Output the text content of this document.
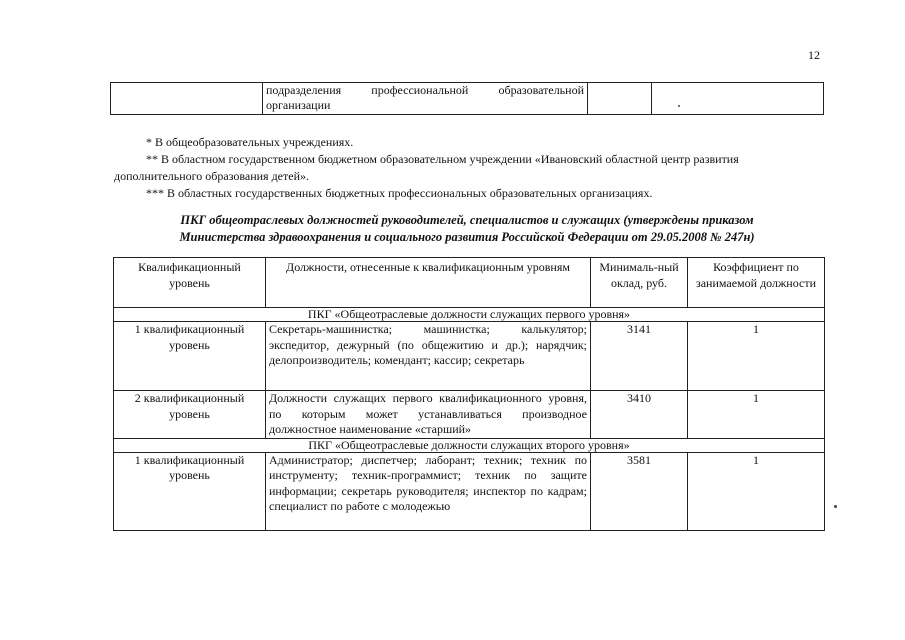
12
	подразделения профессиональной образовательной организации		

* В общеобразовательных учреждениях.

** В областном государственном бюджетном образовательном учреждении «Ивановский областной центр развития дополнительного образования детей».

*** В областных государственных бюджетных профессиональных образовательных организациях.

ПКГ общеотраслевых должностей руководителей, специалистов и служащих (утверждены приказом
Министерства здравоохранения и социального развития Российской Федерации от 29.05.2008 № 247н)
Квалификационный уровень	Должности, отнесенные к квалификационным уровням	Минималь-ный оклад, руб.	Коэффициент по занимаемой должности
ПКГ «Общеотраслевые должности служащих первого уровня»			
1 квалификационный уровень	Секретарь-машинистка; машинистка; калькулятор; экспедитор, дежурный (по общежитию и др.); нарядчик; делопроизводитель; комендант; кассир; секретарь	3141	1
2 квалификационный уровень	Должности служащих первого квалификационного уровня, по которым может устанавливаться производное должностное наименование «старший»	3410	1
ПКГ «Общеотраслевые должности служащих второго уровня»			
1 квалификационный уровень	Администратор; диспетчер; лаборант; техник; техник по инструменту; техник-программист; техник по защите информации; секретарь руководителя; инспектор по кадрам; специалист по работе с молодежью	3581	1
